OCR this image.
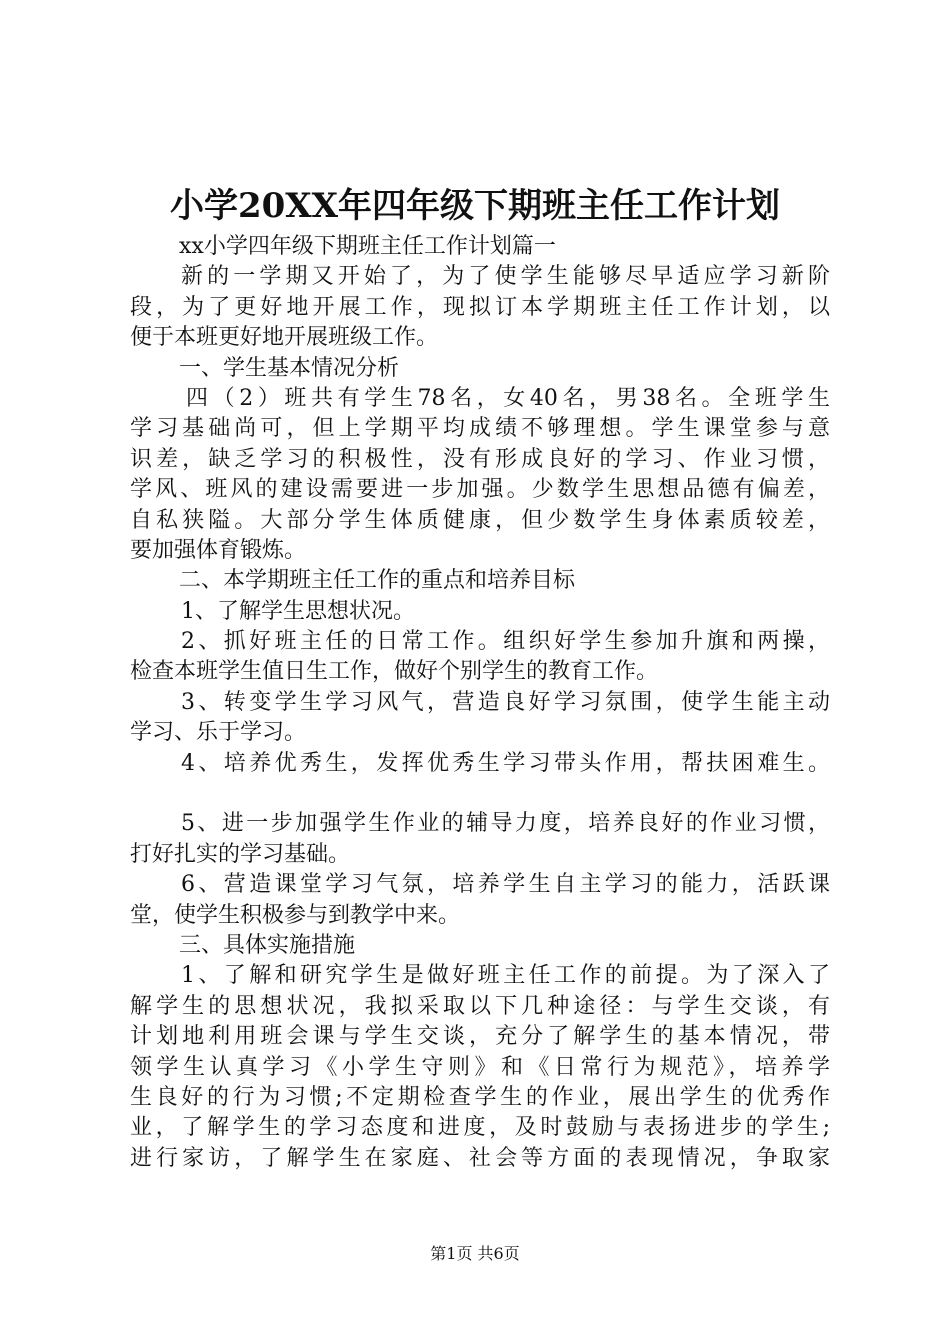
小学20XX年四年级下期班主任工作计划
xx小学四年级下期班主任工作计划篇一
新的一学期又开始了，为了使学生能够尽早适应学习新阶
段，为了更好地开展工作，现拟订本学期班主任工作计划，以
便于本班更好地开展班级工作。
一、学生基本情况分析
四（2）班共有学生78名，女40名，男38名。全班学生
学习基础尚可，但上学期平均成绩不够理想。学生课堂参与意
识差，缺乏学习的积极性，没有形成良好的学习、作业习惯，
学风、班风的建设需要进一步加强。少数学生思想品德有偏差，
自私狭隘。大部分学生体质健康，但少数学生身体素质较差，
要加强体育锻炼。
二、本学期班主任工作的重点和培养目标
1、了解学生思想状况。
2、抓好班主任的日常工作。组织好学生参加升旗和两操，
检查本班学生值日生工作，做好个别学生的教育工作。
3、转变学生学习风气，营造良好学习氛围，使学生能主动
学习、乐于学习。
4、培养优秀生，发挥优秀生学习带头作用，帮扶困难生。
5、进一步加强学生作业的辅导力度，培养良好的作业习惯，
打好扎实的学习基础。
6、营造课堂学习气氛，培养学生自主学习的能力，活跃课
堂，使学生积极参与到教学中来。
三、具体实施措施
1、了解和研究学生是做好班主任工作的前提。为了深入了
解学生的思想状况，我拟采取以下几种途径：与学生交谈，有
计划地利用班会课与学生交谈，充分了解学生的基本情况，带
领学生认真学习《小学生守则》和《日常行为规范》，培养学
生良好的行为习惯;不定期检查学生的作业，展出学生的优秀作
业，了解学生的学习态度和进度，及时鼓励与表扬进步的学生;
进行家访，了解学生在家庭、社会等方面的表现情况，争取家
第1页 共6页
